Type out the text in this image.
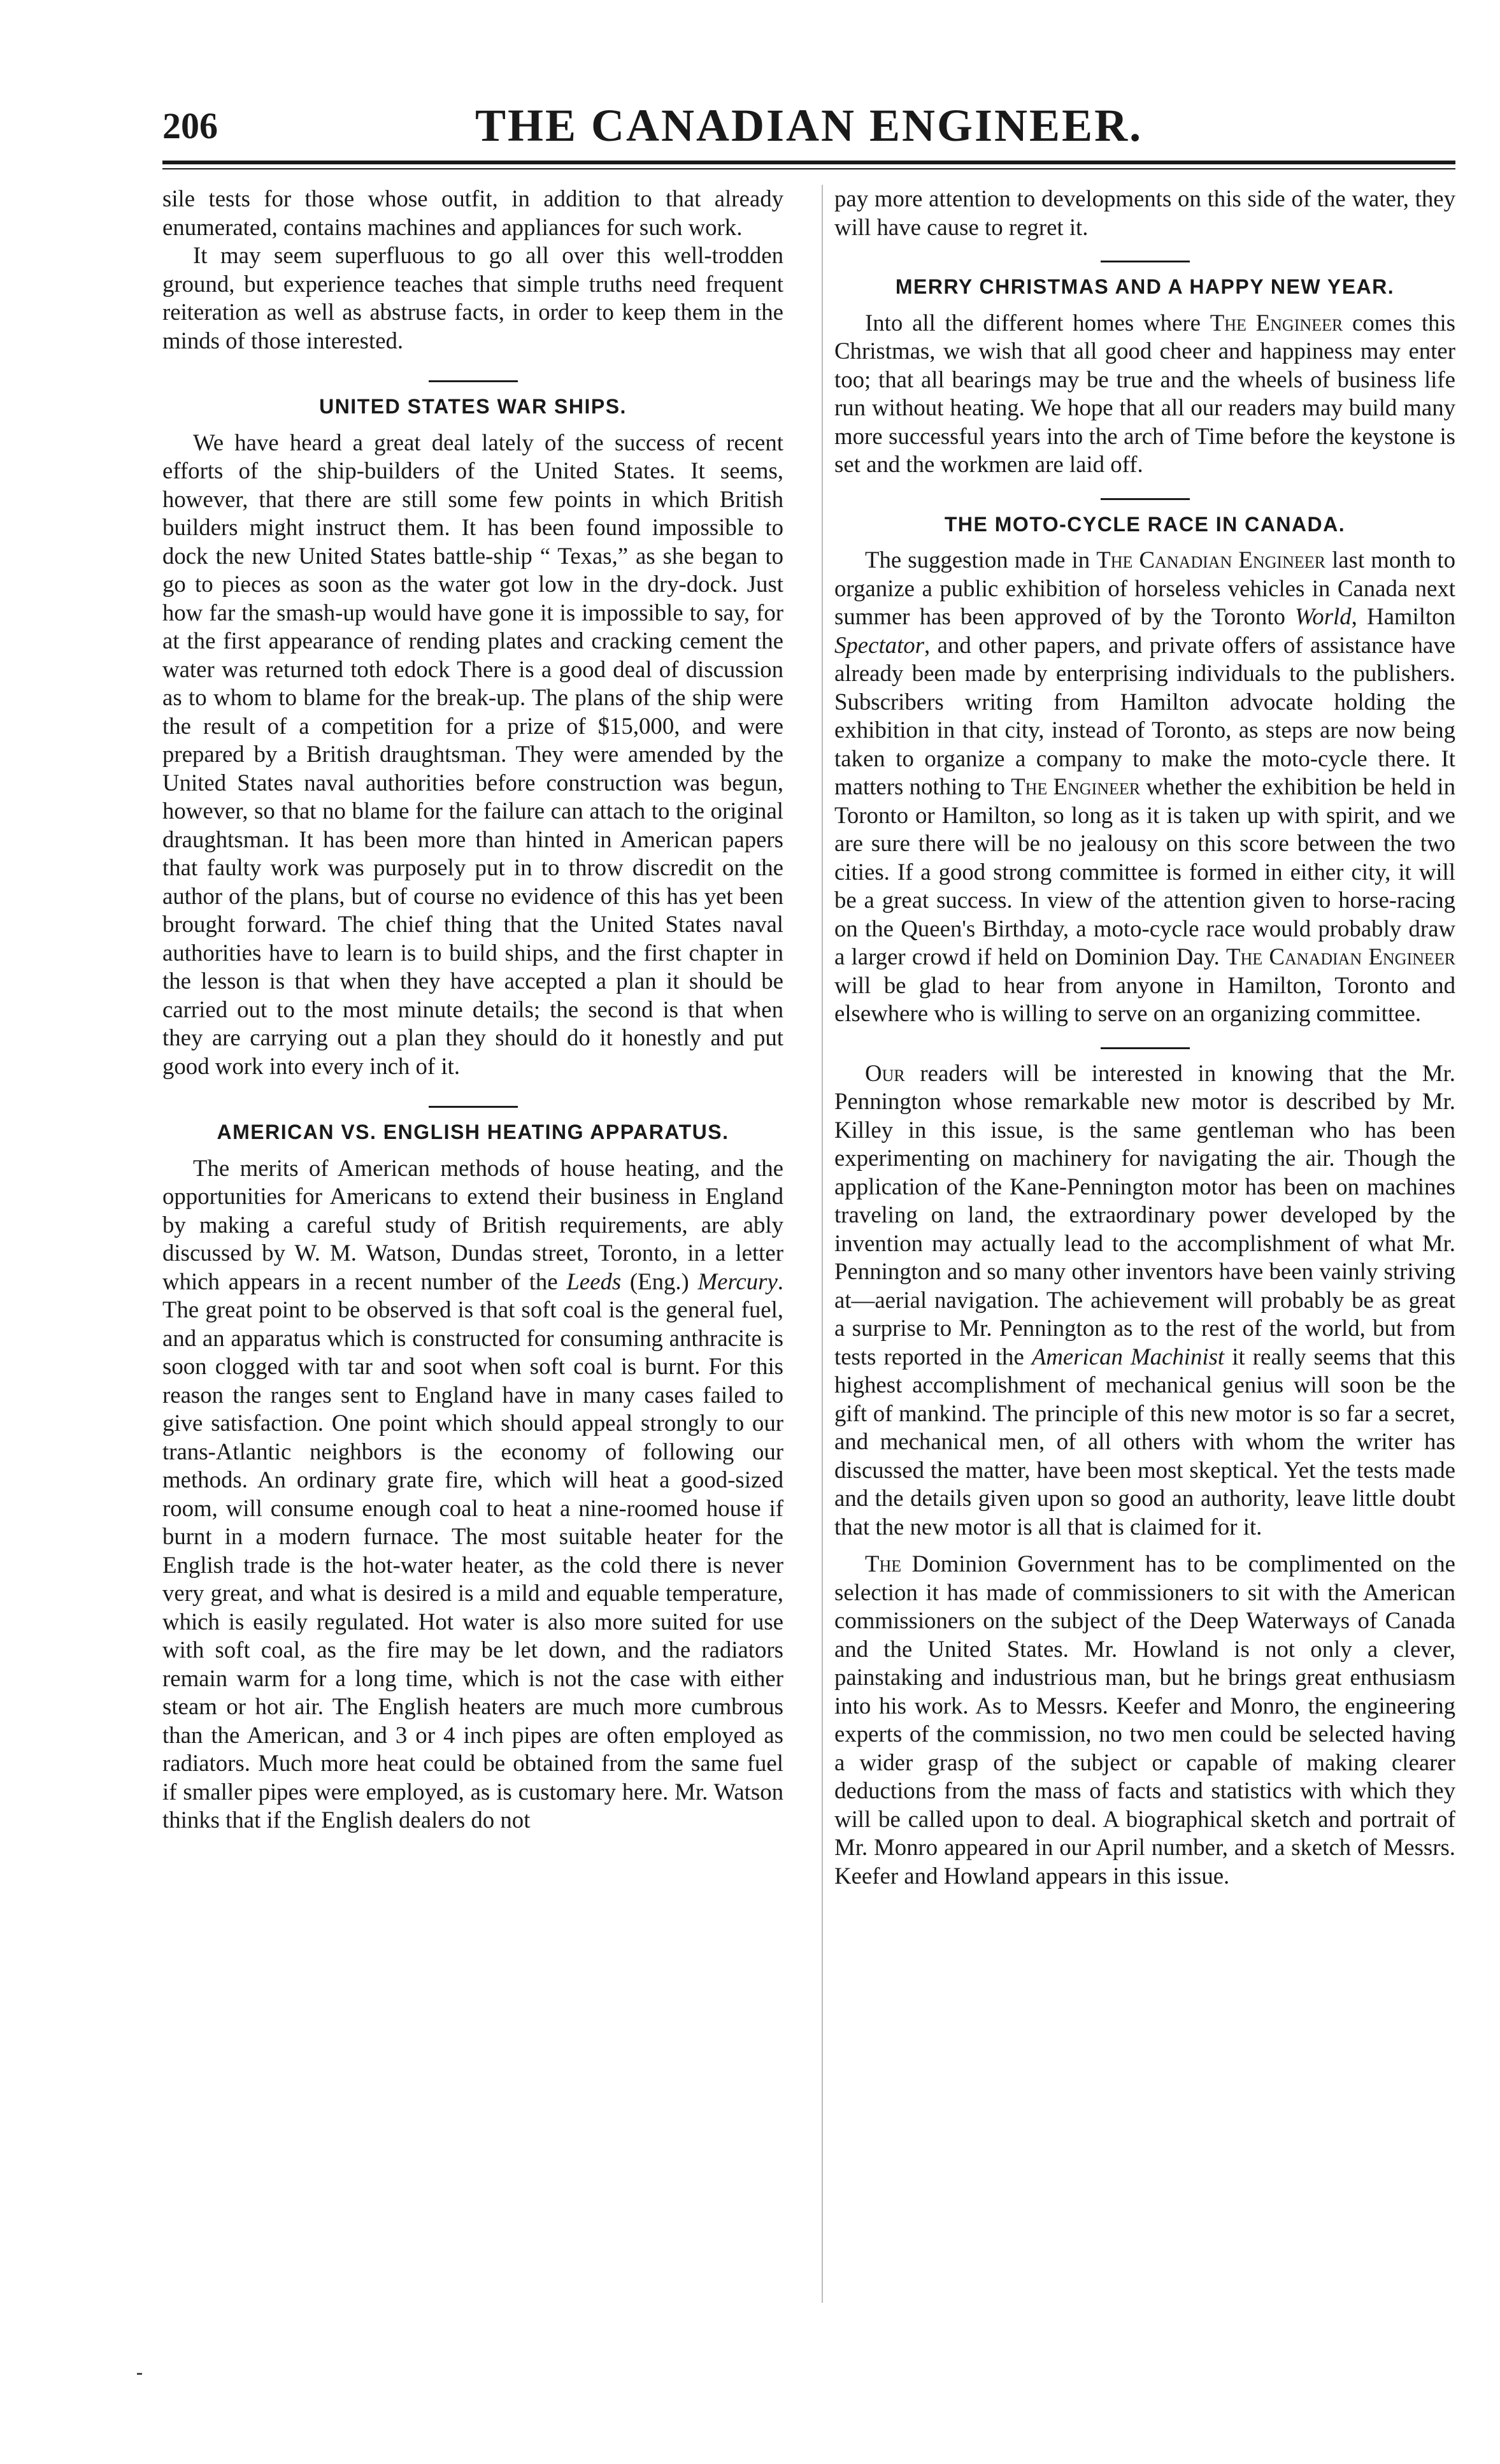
206	THE CANADIAN ENGINEER.

sile tests for those whose outfit, in addition to that already enumerated, contains machines and appliances for such work.

It may seem superfluous to go all over this well-trodden ground, but experience teaches that simple truths need frequent reiteration as well as abstruse facts, in order to keep them in the minds of those interested.

UNITED STATES WAR SHIPS.

We have heard a great deal lately of the success of recent efforts of the ship-builders of the United States. It seems, however, that there are still some few points in which British builders might instruct them. It has been found impossible to dock the new United States battle-ship “ Texas,” as she began to go to pieces as soon as the water got low in the dry-dock. Just how far the smash-up would have gone it is impossible to say, for at the first appearance of rending plates and cracking cement the water was returned toth edock There is a good deal of discussion as to whom to blame for the break-up. The plans of the ship were the result of a competition for a prize of $15,000, and were prepared by a British draughtsman. They were amended by the United States naval authorities before construction was begun, however, so that no blame for the failure can attach to the original draughtsman. It has been more than hinted in American papers that faulty work was purposely put in to throw discredit on the author of the plans, but of course no evidence of this has yet been brought forward. The chief thing that the United States naval authorities have to learn is to build ships, and the first chapter in the lesson is that when they have accepted a plan it should be carried out to the most minute details; the second is that when they are carrying out a plan they should do it honestly and put good work into every inch of it.

AMERICAN VS. ENGLISH HEATING APPARATUS.

The merits of American methods of house heating, and the opportunities for Americans to extend their business in England by making a careful study of British requirements, are ably discussed by W. M. Watson, Dundas street, Toronto, in a letter which appears in a recent number of the Leeds (Eng.) Mercury. The great point to be observed is that soft coal is the general fuel, and an apparatus which is constructed for consuming anthracite is soon clogged with tar and soot when soft coal is burnt. For this reason the ranges sent to England have in many cases failed to give satisfaction. One point which should appeal strongly to our trans-Atlantic neighbors is the economy of following our methods. An ordinary grate fire, which will heat a good-sized room, will consume enough coal to heat a nine-roomed house if burnt in a modern furnace. The most suitable heater for the English trade is the hot-water heater, as the cold there is never very great, and what is desired is a mild and equable temperature, which is easily regulated. Hot water is also more suited for use with soft coal, as the fire may be let down, and the radiators remain warm for a long time, which is not the case with either steam or hot air. The English heaters are much more cumbrous than the American, and 3 or 4 inch pipes are often employed as radiators. Much more heat could be obtained from the same fuel if smaller pipes were employed, as is customary here. Mr. Watson thinks that if the English dealers do not

pay more attention to developments on this side of the water, they will have cause to regret it.

MERRY CHRISTMAS AND A HAPPY NEW YEAR.

Into all the different homes where The Engineer comes this Christmas, we wish that all good cheer and happiness may enter too; that all bearings may be true and the wheels of business life run without heating. We hope that all our readers may build many more successful years into the arch of Time before the keystone is set and the workmen are laid off.

THE MOTO-CYCLE RACE IN CANADA.

The suggestion made in The Canadian Engineer last month to organize a public exhibition of horseless vehicles in Canada next summer has been approved of by the Toronto World, Hamilton Spectator, and other papers, and private offers of assistance have already been made by enterprising individuals to the publishers. Subscribers writing from Hamilton advocate holding the exhibition in that city, instead of Toronto, as steps are now being taken to organize a company to make the moto-cycle there. It matters nothing to The Engineer whether the exhibition be held in Toronto or Hamilton, so long as it is taken up with spirit, and we are sure there will be no jealousy on this score between the two cities. If a good strong committee is formed in either city, it will be a great success. In view of the attention given to horse-racing on the Queen's Birthday, a moto-cycle race would probably draw a larger crowd if held on Dominion Day. The Canadian Engineer will be glad to hear from anyone in Hamilton, Toronto and elsewhere who is willing to serve on an organizing committee.

Our readers will be interested in knowing that the Mr. Pennington whose remarkable new motor is described by Mr. Killey in this issue, is the same gentleman who has been experimenting on machinery for navigating the air. Though the application of the Kane-Pennington motor has been on machines traveling on land, the extraordinary power developed by the invention may actually lead to the accomplishment of what Mr. Pennington and so many other inventors have been vainly striving at—aerial navigation. The achievement will probably be as great a surprise to Mr. Pennington as to the rest of the world, but from tests reported in the American Machinist it really seems that this highest accomplishment of mechanical genius will soon be the gift of mankind. The principle of this new motor is so far a secret, and mechanical men, of all others with whom the writer has discussed the matter, have been most skeptical. Yet the tests made and the details given upon so good an authority, leave little doubt that the new motor is all that is claimed for it.

The Dominion Government has to be complimented on the selection it has made of commissioners to sit with the American commissioners on the subject of the Deep Waterways of Canada and the United States. Mr. Howland is not only a clever, painstaking and industrious man, but he brings great enthusiasm into his work. As to Messrs. Keefer and Monro, the engineering experts of the commission, no two men could be selected having a wider grasp of the subject or capable of making clearer deductions from the mass of facts and statistics with which they will be called upon to deal. A biographical sketch and portrait of Mr. Monro appeared in our April number, and a sketch of Messrs. Keefer and Howland appears in this issue.
